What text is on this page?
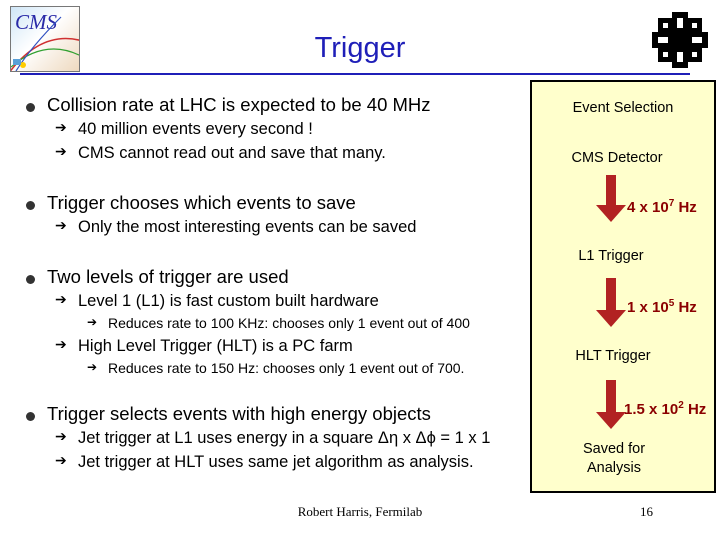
CMS
Trigger
Collision rate at LHC is expected to be 40 MHz
➔ 40 million events every second !
➔ CMS cannot read out and save that many.
Trigger chooses which events to save
➔ Only the most interesting events can be saved
Two levels of trigger are used
➔ Level 1 (L1) is fast custom built hardware
➔ Reduces rate to 100 KHz: chooses only 1 event out of 400
➔ High Level Trigger (HLT) is a PC farm
➔ Reduces rate to 150 Hz: chooses only 1 event out of 700.
Trigger selects events with high energy objects
➔ Jet trigger at L1 uses energy in a square Δη x Δϕ = 1 x 1
➔ Jet trigger at HLT uses same jet algorithm as analysis.
Event Selection
CMS Detector
4 x $10^7$ Hz
L1 Trigger
1 x $10^5$ Hz
HLT Trigger
1.5 x $10^2$ Hz
Saved for Analysis
Robert Harris, Fermilab	16
